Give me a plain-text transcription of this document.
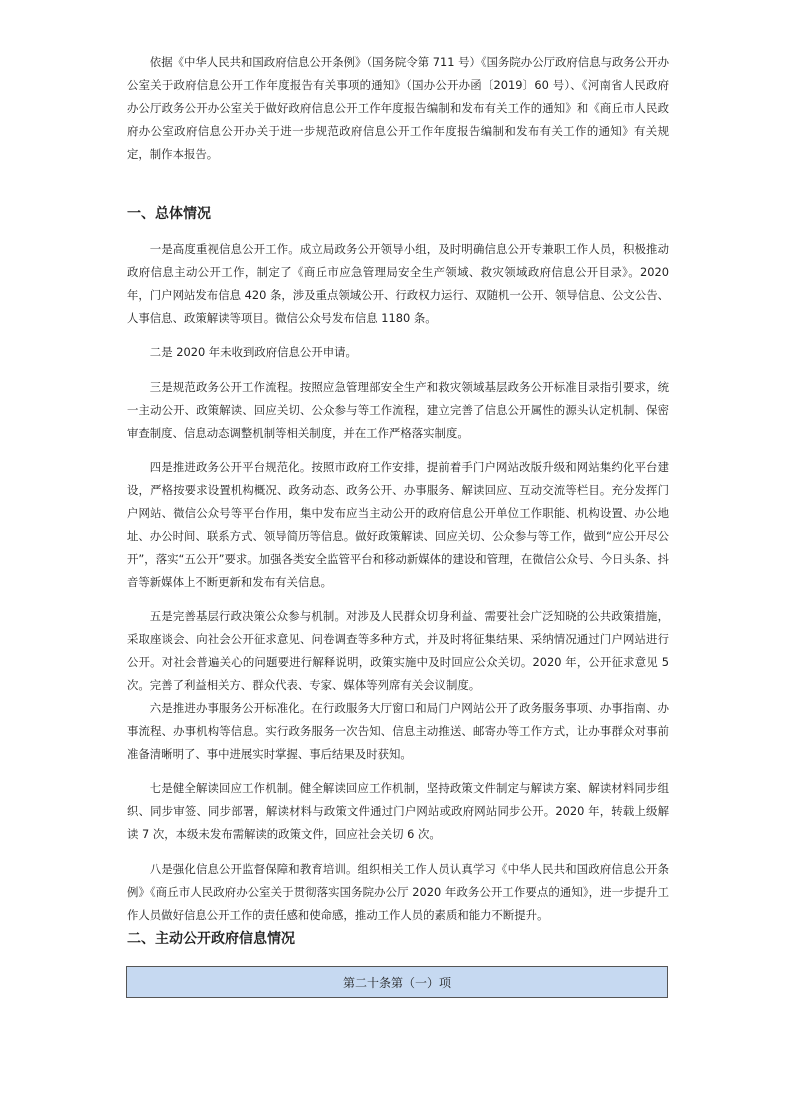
依据《中华人民共和国政府信息公开条例》（国务院令第 711 号）《国务院办公厅政府信息与政务公开办公室关于政府信息公开工作年度报告有关事项的通知》（国办公开办函〔2019〕60 号）、《河南省人民政府办公厅政务公开办公室关于做好政府信息公开工作年度报告编制和发布有关工作的通知》和《商丘市人民政府办公室政府信息公开办关于进一步规范政府信息公开工作年度报告编制和发布有关工作的通知》有关规定，制作本报告。

一、总体情况

一是高度重视信息公开工作。成立局政务公开领导小组，及时明确信息公开专兼职工作人员，积极推动政府信息主动公开工作，制定了《商丘市应急管理局安全生产领域、救灾领域政府信息公开目录》。2020 年，门户网站发布信息 420 条，涉及重点领域公开、行政权力运行、双随机一公开、领导信息、公文公告、人事信息、政策解读等项目。微信公众号发布信息 1180 条。

二是 2020 年未收到政府信息公开申请。

三是规范政务公开工作流程。按照应急管理部安全生产和救灾领域基层政务公开标准目录指引要求，统一主动公开、政策解读、回应关切、公众参与等工作流程，建立完善了信息公开属性的源头认定机制、保密审查制度、信息动态调整机制等相关制度，并在工作严格落实制度。

四是推进政务公开平台规范化。按照市政府工作安排，提前着手门户网站改版升级和网站集约化平台建设，严格按要求设置机构概况、政务动态、政务公开、办事服务、解读回应、互动交流等栏目。充分发挥门户网站、微信公众号等平台作用，集中发布应当主动公开的政府信息公开单位工作职能、机构设置、办公地址、办公时间、联系方式、领导简历等信息。做好政策解读、回应关切、公众参与等工作，做到“应公开尽公开”，落实“五公开”要求。加强各类安全监管平台和移动新媒体的建设和管理，在微信公众号、今日头条、抖音等新媒体上不断更新和发布有关信息。

五是完善基层行政决策公众参与机制。对涉及人民群众切身利益、需要社会广泛知晓的公共政策措施，采取座谈会、向社会公开征求意见、问卷调查等多种方式，并及时将征集结果、采纳情况通过门户网站进行公开。对社会普遍关心的问题要进行解释说明，政策实施中及时回应公众关切。2020 年，公开征求意见 5 次。完善了利益相关方、群众代表、专家、媒体等列席有关会议制度。

六是推进办事服务公开标准化。在行政服务大厅窗口和局门户网站公开了政务服务事项、办事指南、办事流程、办事机构等信息。实行政务服务一次告知、信息主动推送、邮寄办等工作方式，让办事群众对事前准备清晰明了、事中进展实时掌握、事后结果及时获知。

七是健全解读回应工作机制。健全解读回应工作机制，坚持政策文件制定与解读方案、解读材料同步组织、同步审签、同步部署，解读材料与政策文件通过门户网站或政府网站同步公开。2020 年，转载上级解读 7 次，本级未发布需解读的政策文件，回应社会关切 6 次。

八是强化信息公开监督保障和教育培训。组织相关工作人员认真学习《中华人民共和国政府信息公开条例》《商丘市人民政府办公室关于贯彻落实国务院办公厅 2020 年政务公开工作要点的通知》，进一步提升工作人员做好信息公开工作的责任感和使命感，推动工作人员的素质和能力不断提升。

二、主动公开政府信息情况
第二十条第（一）项
